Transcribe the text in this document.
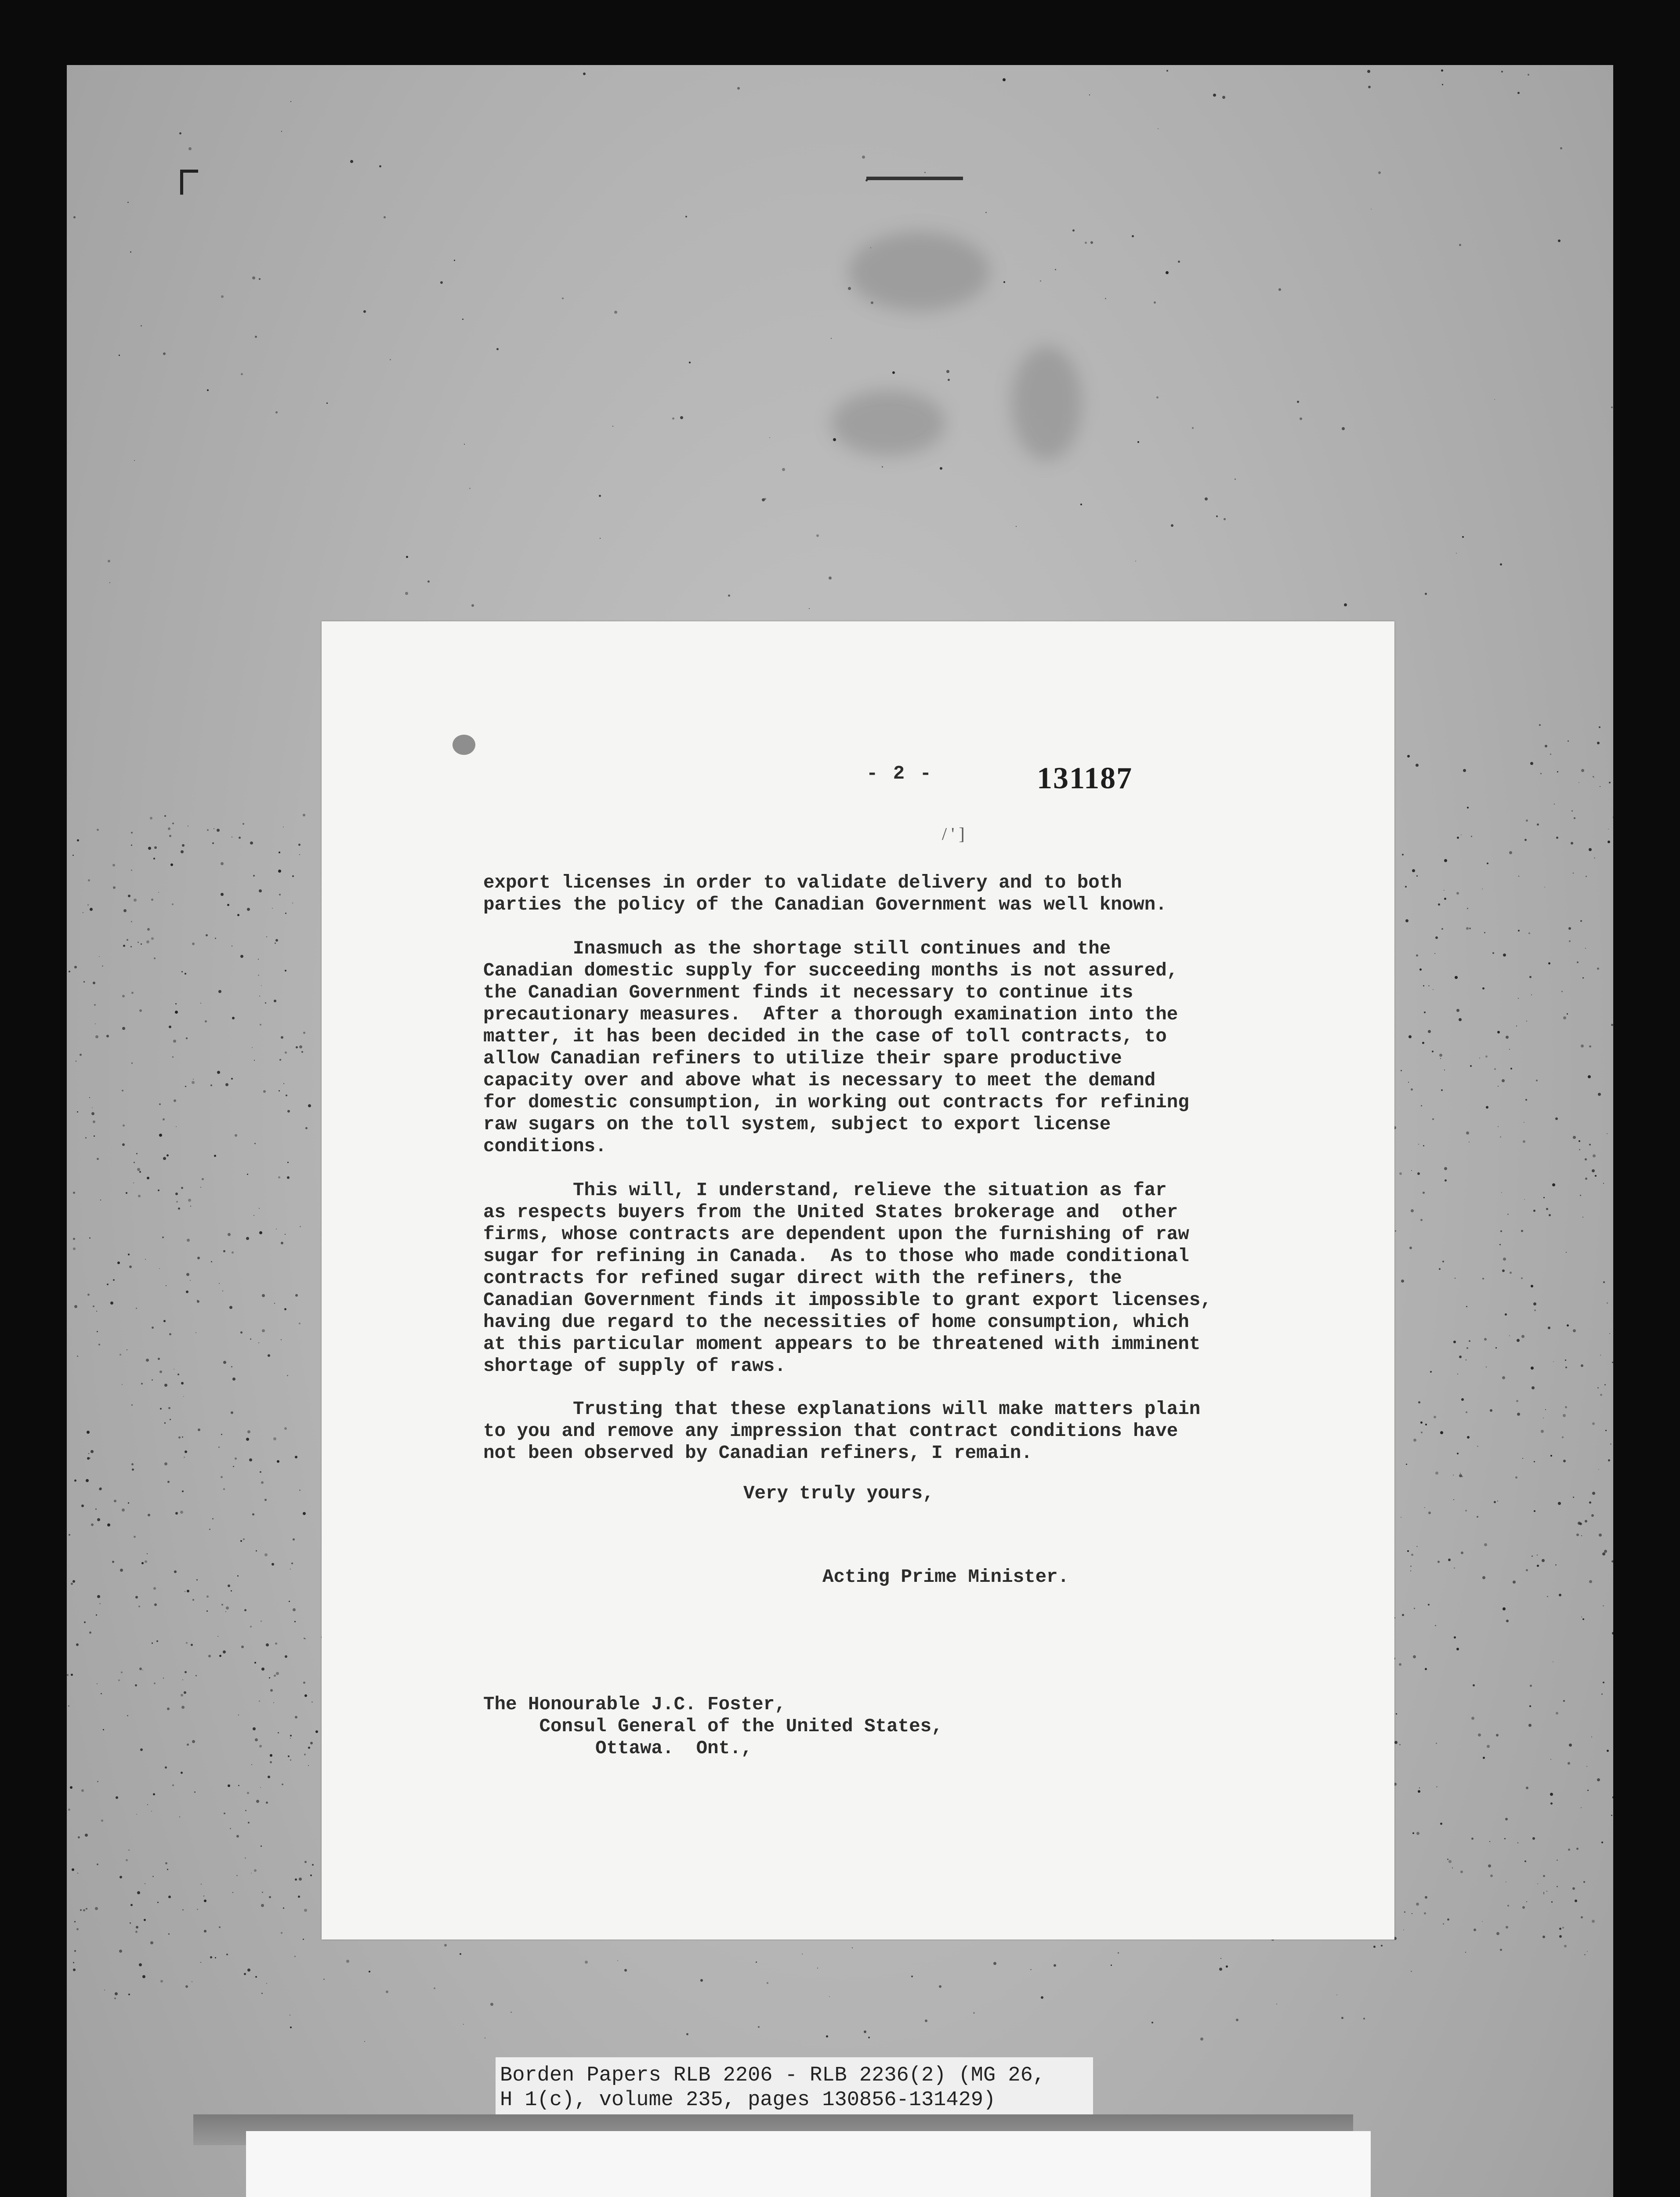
- 2 -	131187
/ ' ]
export licenses in order to validate delivery and to both
parties the policy of the Canadian Government was well known.
Inasmuch as the shortage still continues and the
Canadian domestic supply for succeeding months is not assured,
the Canadian Government finds it necessary to continue its
precautionary measures.  After a thorough examination into the
matter, it has been decided in the case of toll contracts, to
allow Canadian refiners to utilize their spare productive
capacity over and above what is necessary to meet the demand
for domestic consumption, in working out contracts for refining
raw sugars on the toll system, subject to export license
conditions.
This will, I understand, relieve the situation as far
as respects buyers from the United States brokerage and  other
firms, whose contracts are dependent upon the furnishing of raw
sugar for refining in Canada.  As to those who made conditional
contracts for refined sugar direct with the refiners, the
Canadian Government finds it impossible to grant export licenses,
having due regard to the necessities of home consumption, which
at this particular moment appears to be threatened with imminent
shortage of supply of raws.
Trusting that these explanations will make matters plain
to you and remove any impression that contract conditions have
not been observed by Canadian refiners, I remain.
Very truly yours,
Acting Prime Minister.
The Honourable J.C. Foster,
Consul General of the United States,
Ottawa.  Ont.,
Borden Papers RLB 2206 - RLB 2236(2) (MG 26,
H 1(c), volume 235, pages 130856-131429)
